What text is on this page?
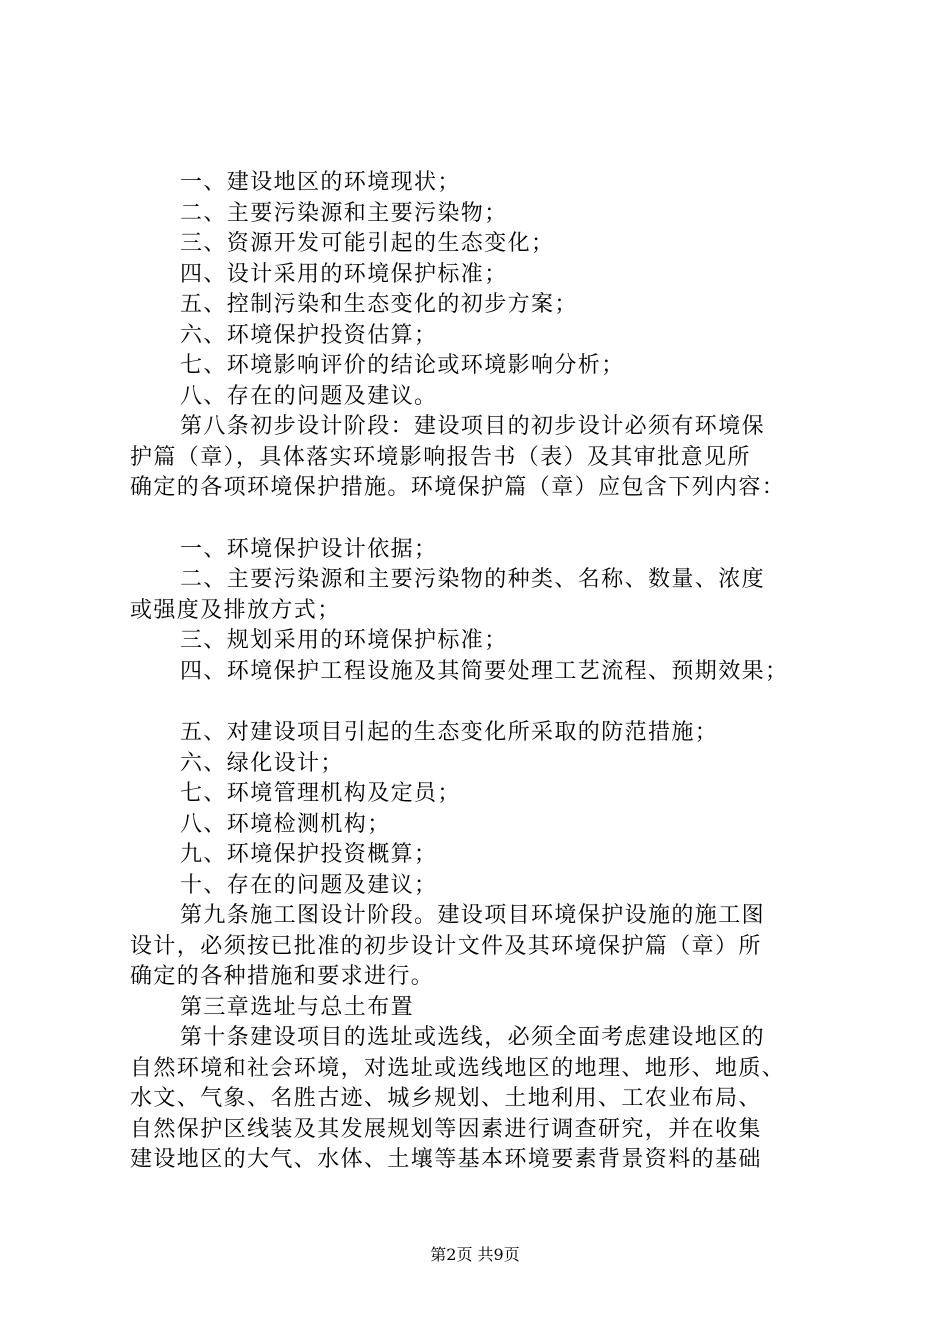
一、建设地区的环境现状；
二、主要污染源和主要污染物；
三、资源开发可能引起的生态变化；
四、设计采用的环境保护标准；
五、控制污染和生态变化的初步方案；
六、环境保护投资估算；
七、环境影响评价的结论或环境影响分析；
八、存在的问题及建议。
第八条初步设计阶段：建设项目的初步设计必须有环境保
护篇（章），具体落实环境影响报告书（表）及其审批意见所
确定的各项环境保护措施。环境保护篇（章）应包含下列内容：
一、环境保护设计依据；
二、主要污染源和主要污染物的种类、名称、数量、浓度
或强度及排放方式；
三、规划采用的环境保护标准；
四、环境保护工程设施及其简要处理工艺流程、预期效果；
五、对建设项目引起的生态变化所采取的防范措施；
六、绿化设计；
七、环境管理机构及定员；
八、环境检测机构；
九、环境保护投资概算；
十、存在的问题及建议；
第九条施工图设计阶段。建设项目环境保护设施的施工图
设计，必须按已批准的初步设计文件及其环境保护篇（章）所
确定的各种措施和要求进行。
第三章选址与总土布置
第十条建设项目的选址或选线，必须全面考虑建设地区的
自然环境和社会环境，对选址或选线地区的地理、地形、地质、
水文、气象、名胜古迹、城乡规划、土地利用、工农业布局、
自然保护区线装及其发展规划等因素进行调查研究，并在收集
建设地区的大气、水体、土壤等基本环境要素背景资料的基础
第2页 共9页
